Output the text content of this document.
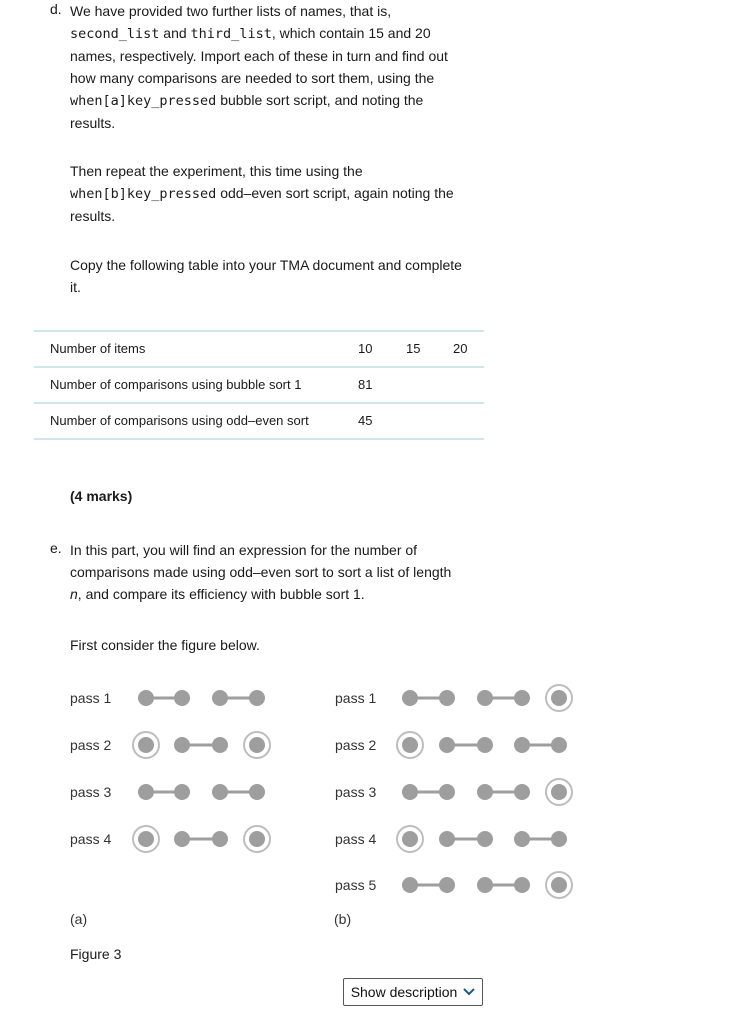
d. We have provided two further lists of names, that is,
second_list and third_list, which contain 15 and 20
names, respectively. Import each of these in turn and find out
how many comparisons are needed to sort them, using the
when[a]key_pressed bubble sort script, and noting the
results.
Then repeat the experiment, this time using the
when[b]key_pressed odd–even sort script, again noting the
results.
Copy the following table into your TMA document and complete
it.
Number of items	10	15	20
Number of comparisons using bubble sort 1	81
Number of comparisons using odd–even sort	45
(4 marks)
e. In this part, you will find an expression for the number of
comparisons made using odd–even sort to sort a list of length
n, and compare its efficiency with bubble sort 1.
First consider the figure below.
pass 1
pass 2
pass 3
pass 4
pass 1
pass 2
pass 3
pass 4
pass 5
(a)	(b)
Figure 3
Show description
